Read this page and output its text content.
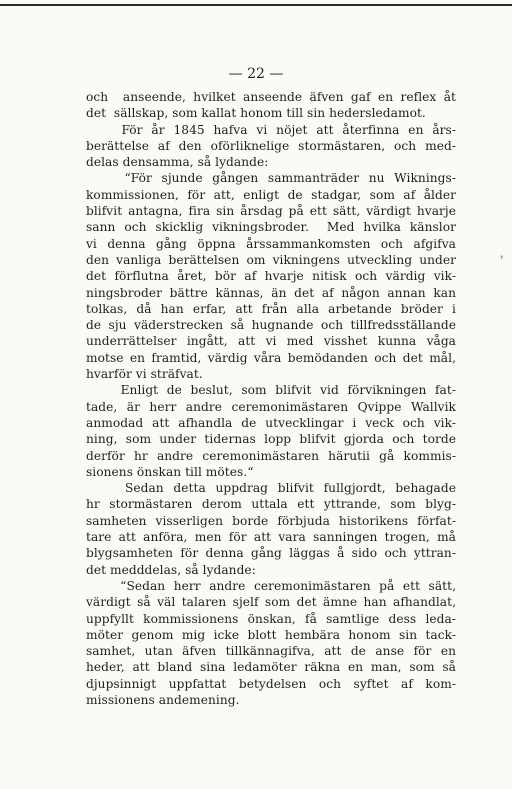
— 22 —
och  anseende, hvilket anseende äfven gaf en reflex åt
det  sällskap, som kallat honom till sin hedersledamot.
För år 1845 hafva vi nöjet att återfinna en års-
berättelse af den oförliknelige stormästaren, och med-
delas densamma, så lydande:
“För sjunde gången sammanträder nu Wiknings-
kommissionen, för att, enligt de stadgar, som af ålder
blifvit antagna, fira sin årsdag på ett sätt, värdigt hvarje
sann och skicklig vikningsbroder.  Med hvilka känslor
vi denna gång öppna årssammankomsten och afgifva
den vanliga berättelsen om vikningens utveckling under
det förflutna året, bör af hvarje nitisk och värdig vik-
ningsbroder bättre kännas, än det af någon annan kan
tolkas, då han erfar, att från alla arbetande bröder i
de sju väderstrecken så hugnande och tillfredsställande
underrättelser ingått, att vi med visshet kunna våga
motse en framtid, värdig våra bemödanden och det mål,
hvarför vi sträfvat.
Enligt de beslut, som blifvit vid förvikningen fat-
tade, är herr andre ceremonimästaren Qvippe Wallvik
anmodad att afhandla de utvecklingar i veck och vik-
ning, som under tidernas lopp blifvit gjorda och torde
derför hr andre ceremonimästaren härutii gå kommis-
sionens önskan till mötes.“
Sedan detta uppdrag blifvit fullgjordt, behagade
hr stormästaren derom uttala ett yttrande, som blyg-
samheten visserligen borde förbjuda historikens förfat-
tare att anföra, men för att vara sanningen trogen, må
blygsamheten för denna gång läggas å sido och yttran-
det medddelas, så lydande:
“Sedan herr andre ceremonimästaren på ett sätt,
värdigt så väl talaren sjelf som det ämne han afhandlat,
uppfyllt kommissionens önskan, få samtlige dess leda-
möter genom mig icke blott hembära honom sin tack-
samhet, utan äfven tillkännagifva, att de anse för en
heder, att bland sina ledamöter räkna en man, som så
djupsinnigt uppfattat betydelsen och syftet af kom-
missionens andemening.
ᵞ
